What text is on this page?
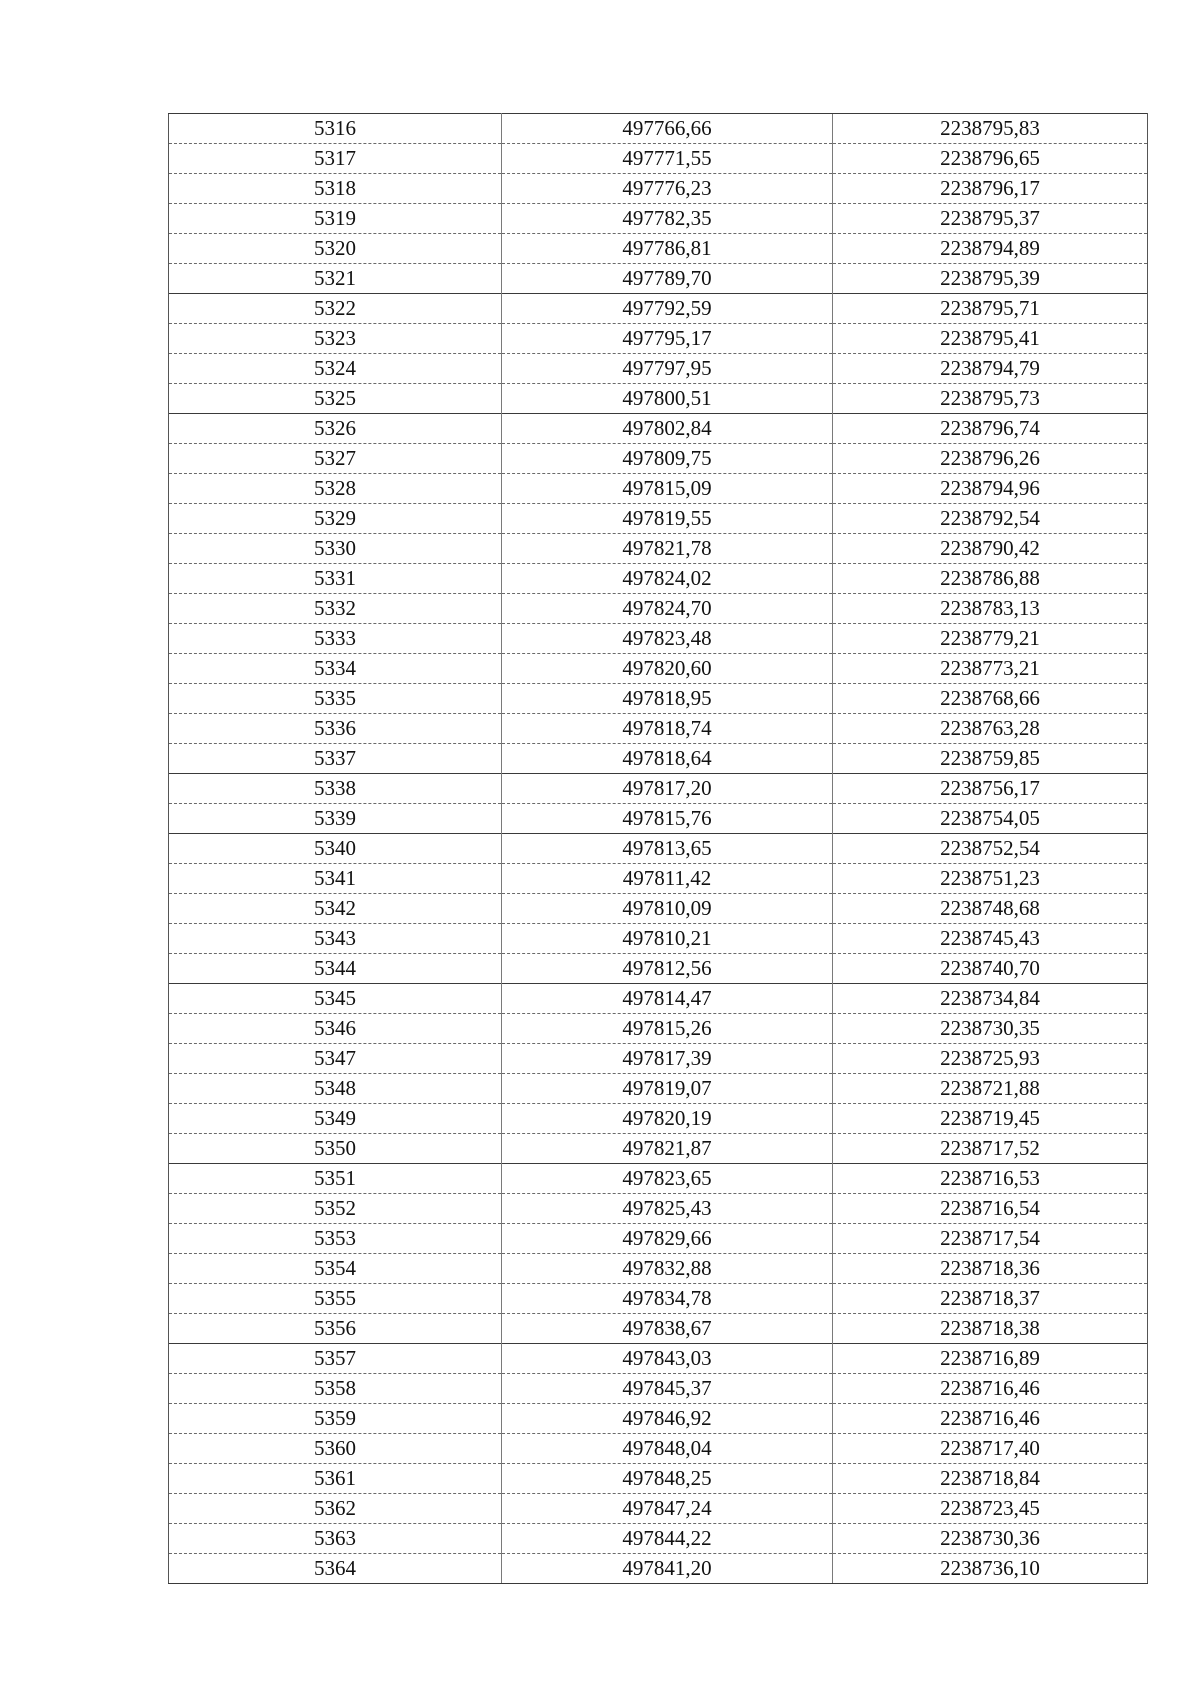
5316	497766,66	2238795,83
5317	497771,55	2238796,65
5318	497776,23	2238796,17
5319	497782,35	2238795,37
5320	497786,81	2238794,89
5321	497789,70	2238795,39
5322	497792,59	2238795,71
5323	497795,17	2238795,41
5324	497797,95	2238794,79
5325	497800,51	2238795,73
5326	497802,84	2238796,74
5327	497809,75	2238796,26
5328	497815,09	2238794,96
5329	497819,55	2238792,54
5330	497821,78	2238790,42
5331	497824,02	2238786,88
5332	497824,70	2238783,13
5333	497823,48	2238779,21
5334	497820,60	2238773,21
5335	497818,95	2238768,66
5336	497818,74	2238763,28
5337	497818,64	2238759,85
5338	497817,20	2238756,17
5339	497815,76	2238754,05
5340	497813,65	2238752,54
5341	497811,42	2238751,23
5342	497810,09	2238748,68
5343	497810,21	2238745,43
5344	497812,56	2238740,70
5345	497814,47	2238734,84
5346	497815,26	2238730,35
5347	497817,39	2238725,93
5348	497819,07	2238721,88
5349	497820,19	2238719,45
5350	497821,87	2238717,52
5351	497823,65	2238716,53
5352	497825,43	2238716,54
5353	497829,66	2238717,54
5354	497832,88	2238718,36
5355	497834,78	2238718,37
5356	497838,67	2238718,38
5357	497843,03	2238716,89
5358	497845,37	2238716,46
5359	497846,92	2238716,46
5360	497848,04	2238717,40
5361	497848,25	2238718,84
5362	497847,24	2238723,45
5363	497844,22	2238730,36
5364	497841,20	2238736,10
